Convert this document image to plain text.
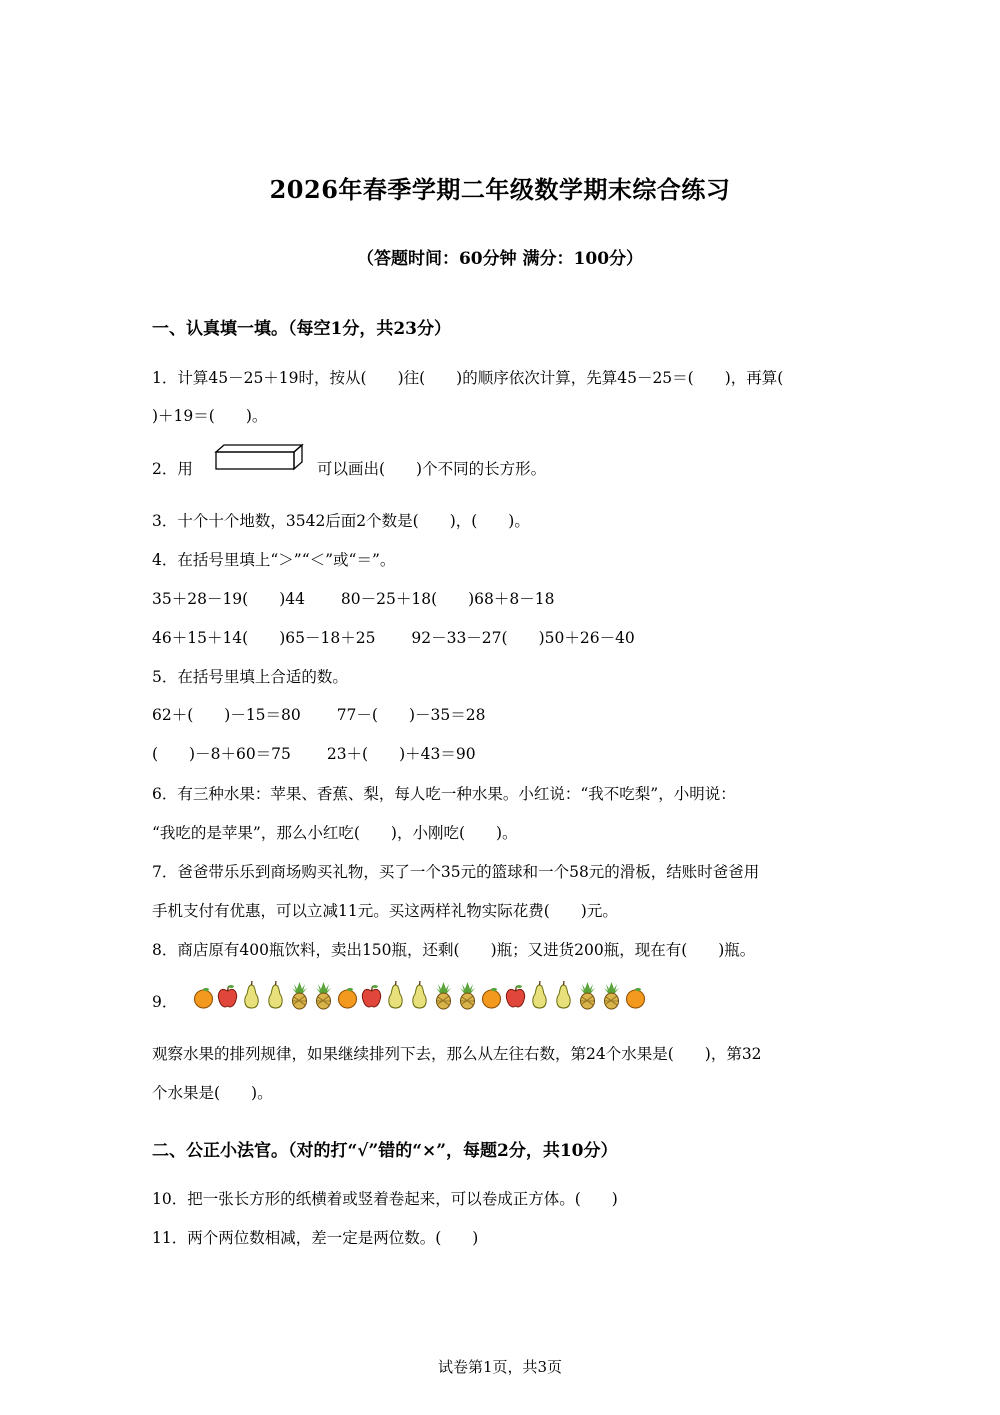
2026年春季学期二年级数学期末综合练习
（答题时间：60分钟 满分：100分）
一、认真填一填。（每空1分，共23分）
1．计算45－25＋19时，按从(　　)往(　　)的顺序依次计算，先算45－25＝(　　)，再算(
)＋19＝(　　)。
2．用	可以画出(　　)个不同的长方形。
3．十个十个地数，3542后面2个数是(　　)，(　　)。
4．在括号里填上“＞”“＜”或“＝”。
35＋28－19(　　)44　　 80－25＋18(　　)68＋8－18
46＋15＋14(　　)65－18＋25　　 92－33－27(　　)50＋26－40
5．在括号里填上合适的数。
62＋(　　)－15＝80　　 77－(　　)－35＝28
(　　)－8＋60＝75　　 23＋(　　)＋43＝90
6．有三种水果：苹果、香蕉、梨，每人吃一种水果。小红说：“我不吃梨”，小明说：
“我吃的是苹果”，那么小红吃(　　)，小刚吃(　　)。
7．爸爸带乐乐到商场购买礼物，买了一个35元的篮球和一个58元的滑板，结账时爸爸用
手机支付有优惠，可以立减11元。买这两样礼物实际花费(　　)元。
8．商店原有400瓶饮料，卖出150瓶，还剩(　　)瓶；又进货200瓶，现在有(　　)瓶。
9．
观察水果的排列规律，如果继续排列下去，那么从左往右数，第24个水果是(　　)，第32
个水果是(　　)。
二、公正小法官。（对的打“√”错的“×”，每题2分，共10分）
10．把一张长方形的纸横着或竖着卷起来，可以卷成正方体。(　　)
11．两个两位数相减，差一定是两位数。(　　)
试卷第1页，共3页
